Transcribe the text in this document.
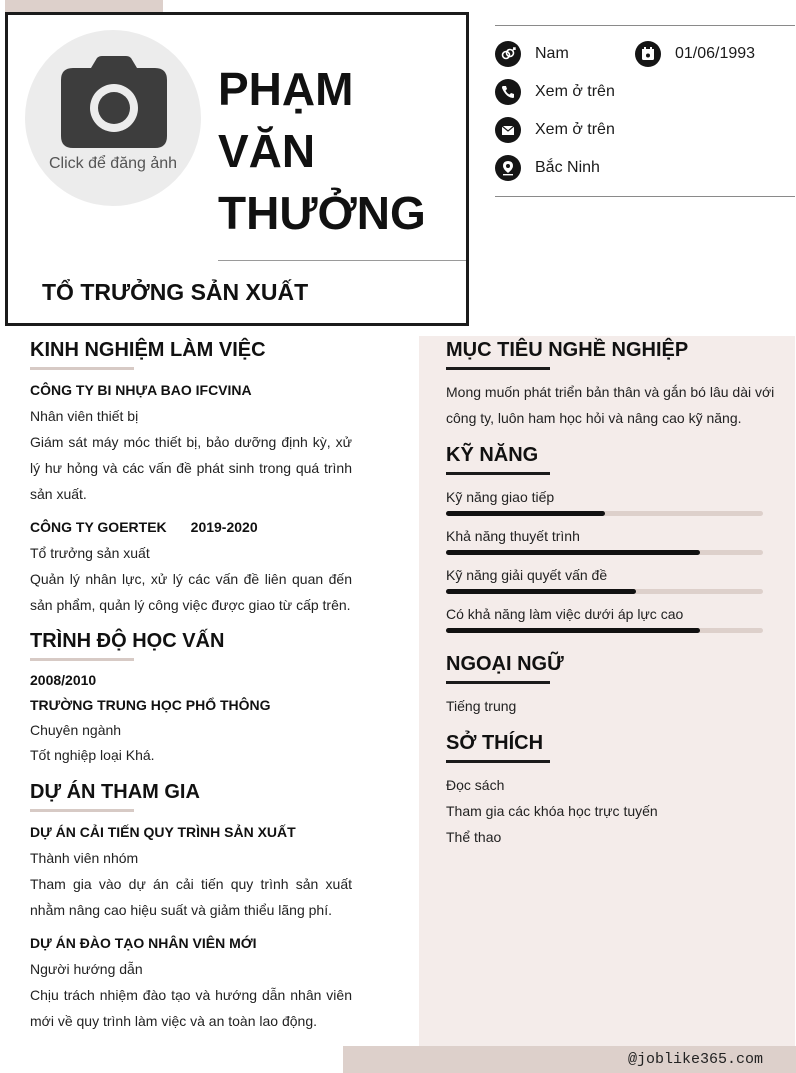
@joblike365.com
Click để đăng ảnh
PHẠM
VĂN
THƯỞNG
TỔ TRƯỞNG SẢN XUẤT
Nam	01/06/1993
Xem ở trên
Xem ở trên
Bắc Ninh
KINH NGHIỆM LÀM VIỆC
CÔNG TY BI NHỰA BAO IFCVINA
Nhân viên thiết bị
Giám sát máy móc thiết bị, bảo dưỡng định kỳ, xử lý hư hỏng và các vấn đề phát sinh trong quá trình sản xuất.
CÔNG TY GOERTEK 2019-2020
Tổ trưởng sản xuất
Quản lý nhân lực, xử lý các vấn đề liên quan đến sản phẩm, quản lý công việc được giao từ cấp trên.
TRÌNH ĐỘ HỌC VẤN
2008/2010
TRƯỜNG TRUNG HỌC PHỔ THÔNG
Chuyên ngành
Tốt nghiệp loại Khá.
DỰ ÁN THAM GIA
DỰ ÁN CẢI TIẾN QUY TRÌNH SẢN XUẤT
Thành viên nhóm
Tham gia vào dự án cải tiến quy trình sản xuất nhằm nâng cao hiệu suất và giảm thiểu lãng phí.
DỰ ÁN ĐÀO TẠO NHÂN VIÊN MỚI
Người hướng dẫn
Chịu trách nhiệm đào tạo và hướng dẫn nhân viên mới về quy trình làm việc và an toàn lao động.
MỤC TIÊU NGHỀ NGHIỆP
Mong muốn phát triển bản thân và gắn bó lâu dài với công ty, luôn ham học hỏi và nâng cao kỹ năng.
KỸ NĂNG
Kỹ năng giao tiếp
Khả năng thuyết trình
Kỹ năng giải quyết vấn đề
Có khả năng làm việc dưới áp lực cao
NGOẠI NGỮ
Tiếng trung
SỞ THÍCH
Đọc sách
Tham gia các khóa học trực tuyến
Thể thao
